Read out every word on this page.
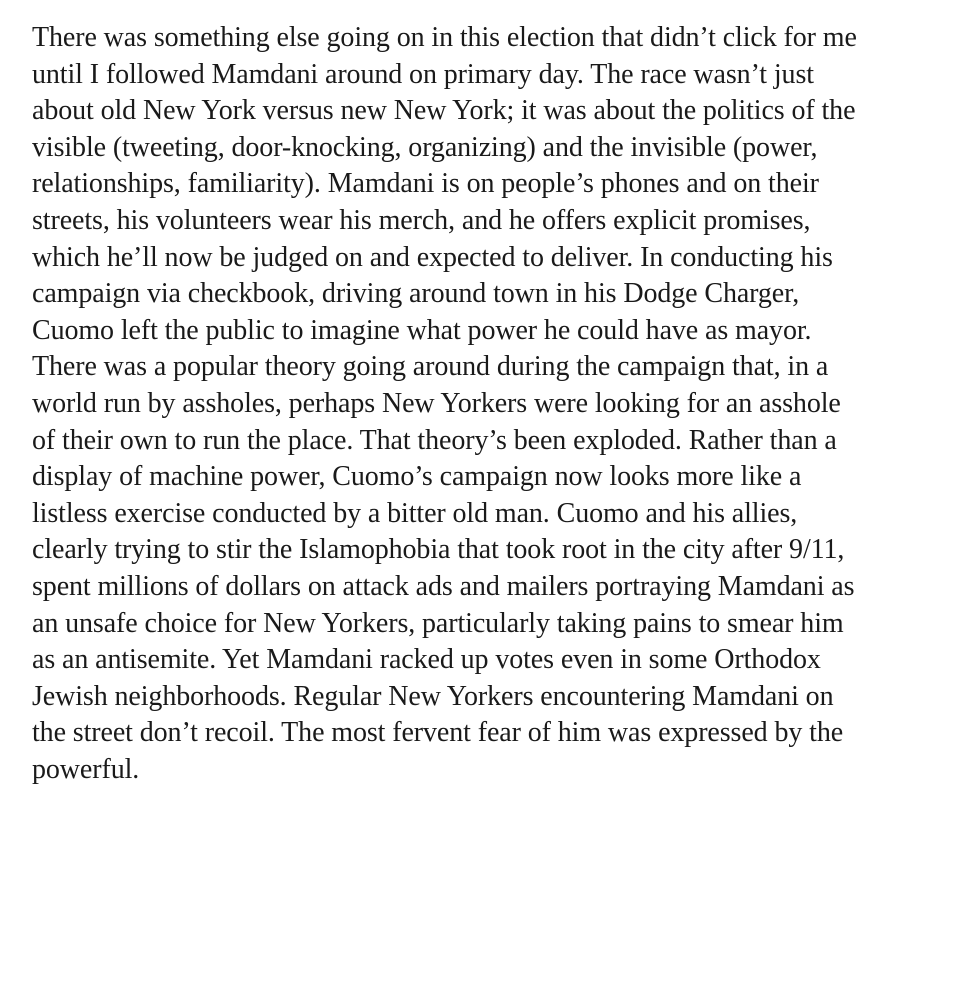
There was something else going on in this election that didn’t click for me
until I followed Mamdani around on primary day. The race wasn’t just
about old New York versus new New York; it was about the politics of the
visible (tweeting, door-knocking, organizing) and the invisible (power,
relationships, familiarity). Mamdani is on people’s phones and on their
streets, his volunteers wear his merch, and he offers explicit promises,
which he’ll now be judged on and expected to deliver. In conducting his
campaign via checkbook, driving around town in his Dodge Charger,
Cuomo left the public to imagine what power he could have as mayor.
There was a popular theory going around during the campaign that, in a
world run by assholes, perhaps New Yorkers were looking for an asshole
of their own to run the place. That theory’s been exploded. Rather than a
display of machine power, Cuomo’s campaign now looks more like a
listless exercise conducted by a bitter old man. Cuomo and his allies,
clearly trying to stir the Islamophobia that took root in the city after 9/11,
spent millions of dollars on attack ads and mailers portraying Mamdani as
an unsafe choice for New Yorkers, particularly taking pains to smear him
as an antisemite. Yet Mamdani racked up votes even in some Orthodox
Jewish neighborhoods. Regular New Yorkers encountering Mamdani on
the street don’t recoil. The most fervent fear of him was expressed by the
powerful.
